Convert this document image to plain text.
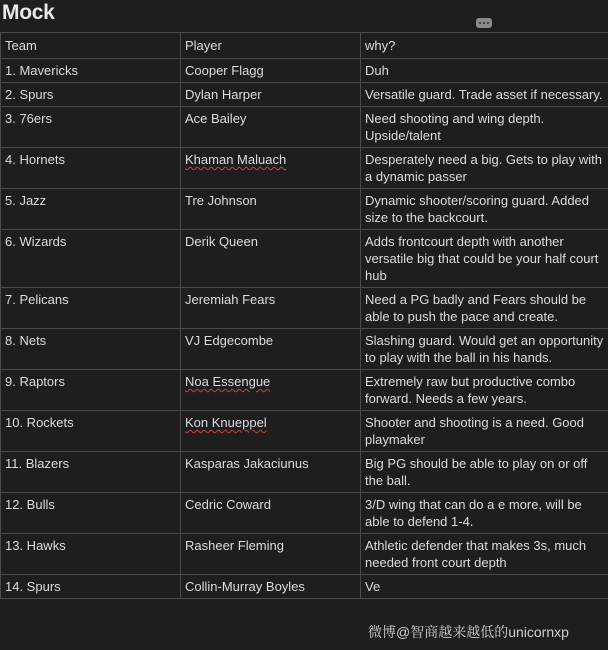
Mock
Team	Player	why?
1. Mavericks	Cooper Flagg	Duh
2. Spurs	Dylan Harper	Versatile guard. Trade asset if necessary.
3. 76ers	Ace Bailey	Need shooting and wing depth. Upside/talent
4. Hornets	Khaman Maluach	Desperately need a big. Gets to play with a dynamic passer
5. Jazz	Tre Johnson	Dynamic shooter/scoring guard. Added size to the backcourt.
6. Wizards	Derik Queen	Adds frontcourt depth with another versatile big that could be your half court hub
7. Pelicans	Jeremiah Fears	Need a PG badly and Fears should be able to push the pace and create.
8. Nets	VJ Edgecombe	Slashing guard. Would get an opportunity to play with the ball in his hands.
9. Raptors	Noa Essengue	Extremely raw but productive combo forward. Needs a few years.
10. Rockets	Kon Knueppel	Shooter and shooting is a need. Good playmaker
11. Blazers	Kasparas Jakaciunus	Big PG should be able to play on or off the ball.
12. Bulls	Cedric Coward	3/D wing that can do a e more, will be able to defend 1-4.
13. Hawks	Rasheer Fleming	Athletic defender that makes 3s, much needed front court depth
14. Spurs	Collin-Murray Boyles	Ve
微博@智商越来越低的unicornxp
